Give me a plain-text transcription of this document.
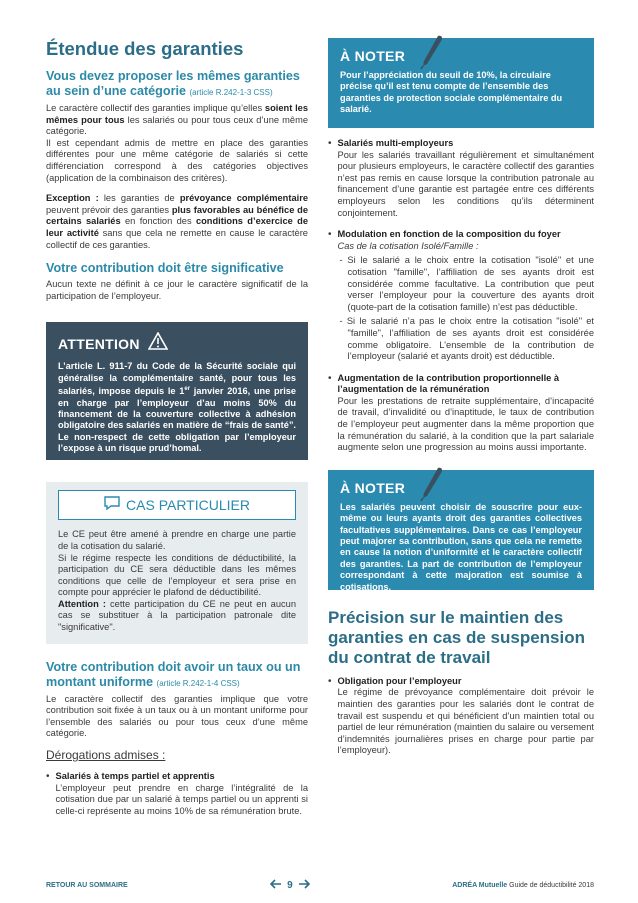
Étendue des garanties
Vous devez proposer les mêmes garanties au sein d’une catégorie (article R.242-1-3 CSS)

Le caractère collectif des garanties implique qu’elles soient les mêmes pour tous les salariés ou pour tous ceux d’une même catégorie.

Il est cependant admis de mettre en place des garanties différentes pour une même catégorie de salariés si cette différenciation correspond à des catégories objectives (application de la combinaison des critères).

Exception : les garanties de prévoyance complémentaire peuvent prévoir des garanties plus favorables au bénéfice de certains salariés en fonction des conditions d’exercice de leur activité sans que cela ne remette en cause le caractère collectif de ces garanties.

Votre contribution doit être significative

Aucun texte ne définit à ce jour le caractère significatif de la participation de l’employeur.

ATTENTION
L’article L. 911-7 du Code de la Sécurité sociale qui généralise la complémentaire santé, pour tous les salariés, impose depuis le 1er janvier 2016, une prise en charge par l’employeur d’au moins 50% du financement de la couverture collective à adhésion obligatoire des salariés en matière de “frais de santé”. Le non-respect de cette obligation par l’employeur l’expose à un risque prud’homal.
CAS PARTICULIER

Le CE peut être amené à prendre en charge une partie de la cotisation du salarié.

Si le régime respecte les conditions de déductibilité, la participation du CE sera déductible dans les mêmes conditions que celle de l’employeur et sera prise en compte pour apprécier le plafond de déductibilité.

Attention : cette participation du CE ne peut en aucun cas se substituer à la participation patronale dite "significative".

Votre contribution doit avoir un taux ou un montant uniforme (article R.242-1-4 CSS)

Le caractère collectif des garanties implique que votre contribution soit fixée à un taux ou à un montant uniforme pour l’ensemble des salariés ou pour tous ceux d’une même catégorie.

Dérogations admises :
• Salariés à temps partiel et apprentis

L’employeur peut prendre en charge l’intégralité de la cotisation due par un salarié à temps partiel ou un apprenti si celle-ci représente au moins 10% de sa rémunération brute.

À NOTER
Pour l’appréciation du seuil de 10%, la circulaire précise qu’il est tenu compte de l’ensemble des garanties de protection sociale complémentaire du salarié.
• Salariés multi-employeurs

Pour les salariés travaillant régulièrement et simultanément pour plusieurs employeurs, le caractère collectif des garanties n’est pas remis en cause lorsque la contribution patronale au financement d’une garantie est partagée entre ces différents employeurs selon les conditions qu’ils déterminent conjointement.

• Modulation en fonction de la composition du foyer

Cas de la cotisation Isolé/Famille :

- Si le salarié a le choix entre la cotisation "isolé" et une cotisation "famille", l’affiliation de ses ayants droit est considérée comme facultative. La contribution que peut verser l’employeur pour la couverture des ayants droit (quote-part de la cotisation famille) n’est pas déductible.

- Si le salarié n’a pas le choix entre la cotisation "isolé" et "famille", l’affiliation de ses ayants droit est considérée comme obligatoire. L’ensemble de la contribution de l’employeur (salarié et ayants droit) est déductible.

• Augmentation de la contribution proportionnelle à l’augmentation de la rémunération

Pour les prestations de retraite supplémentaire, d’incapacité de travail, d’invalidité ou d’inaptitude, le taux de contribution de l’employeur peut augmenter dans la même proportion que la rémunération du salarié, à la condition que la part salariale augmente selon une progression au moins aussi importante.

À NOTER
Les salariés peuvent choisir de souscrire pour eux-même ou leurs ayants droit des garanties collectives facultatives supplémentaires. Dans ce cas l’employeur peut majorer sa contribution, sans que cela ne remette en cause la notion d’uniformité et le caractère collectif des garanties. La part de contribution de l’employeur correspondant à cette majoration est soumise à cotisations.
Précision sur le maintien des garanties en cas de suspension du contrat de travail
• Obligation pour l’employeur

Le régime de prévoyance complémentaire doit prévoir le maintien des garanties pour les salariés dont le contrat de travail est suspendu et qui bénéficient d’un maintien total ou partiel de leur rémunération (maintien du salaire ou versement d’indemnités journalières prises en charge pour partie par l’employeur).

RETOUR AU SOMMAIRE	9	ADRÉA Mutuelle Guide de déductibilité 2018
